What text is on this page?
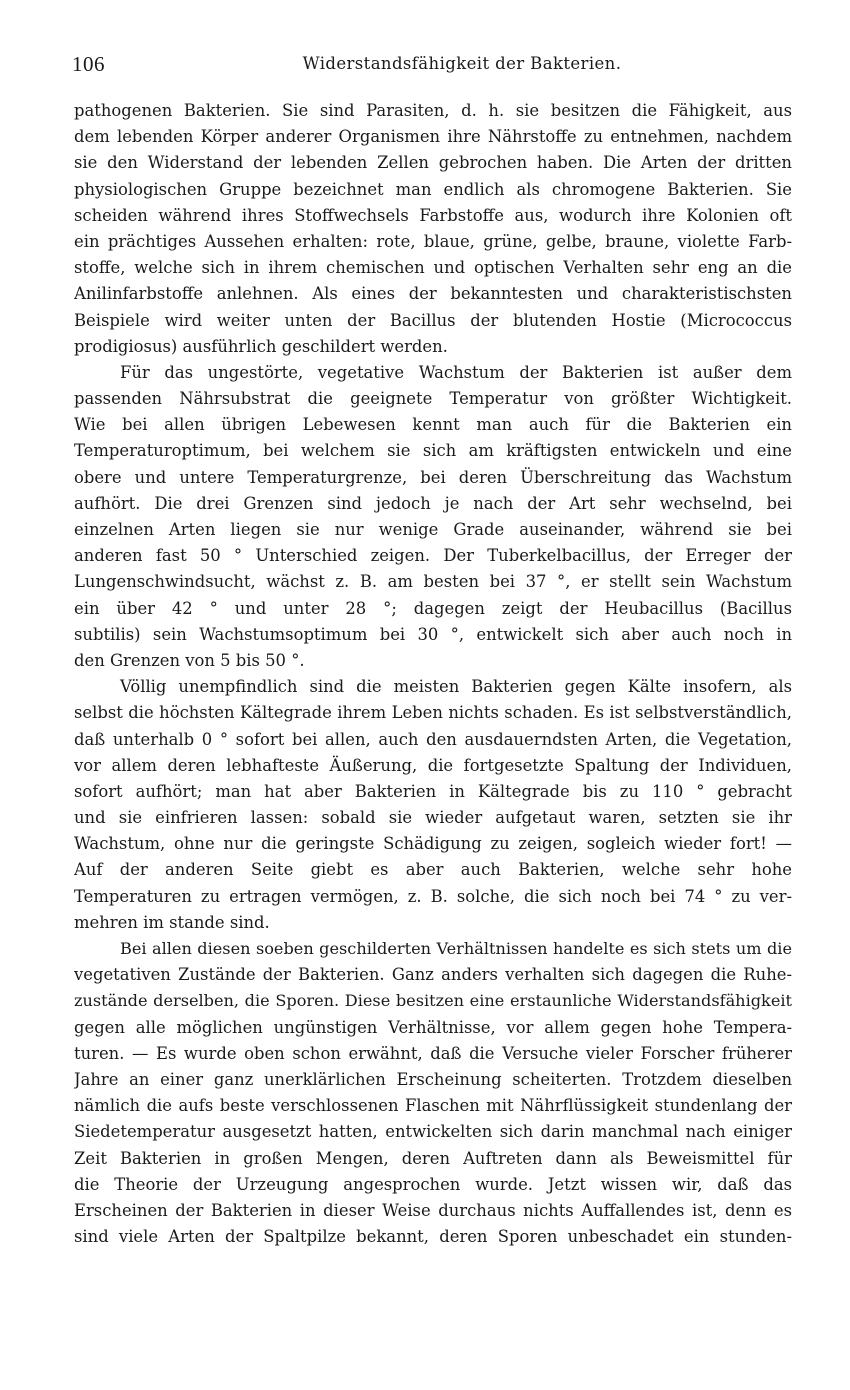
106	Widerstandsfähigkeit der Bakterien.
pathogenen Bakterien. Sie sind Parasiten, d. h. sie besitzen die Fähigkeit, aus
dem lebenden Körper anderer Organismen ihre Nährstoffe zu entnehmen, nachdem
sie den Widerstand der lebenden Zellen gebrochen haben. Die Arten der dritten
physiologischen Gruppe bezeichnet man endlich als chromogene Bakterien. Sie
scheiden während ihres Stoffwechsels Farbstoffe aus, wodurch ihre Kolonien oft
ein prächtiges Aussehen erhalten: rote, blaue, grüne, gelbe, braune, violette Farb-
stoffe, welche sich in ihrem chemischen und optischen Verhalten sehr eng an die
Anilinfarbstoffe anlehnen. Als eines der bekanntesten und charakteristischsten
Beispiele wird weiter unten der Bacillus der blutenden Hostie (Micrococcus
prodigiosus) ausführlich geschildert werden.
Für das ungestörte, vegetative Wachstum der Bakterien ist außer dem
passenden Nährsubstrat die geeignete Temperatur von größter Wichtigkeit.
Wie bei allen übrigen Lebewesen kennt man auch für die Bakterien ein
Temperaturoptimum, bei welchem sie sich am kräftigsten entwickeln und eine
obere und untere Temperaturgrenze, bei deren Überschreitung das Wachstum
aufhört. Die drei Grenzen sind jedoch je nach der Art sehr wechselnd, bei
einzelnen Arten liegen sie nur wenige Grade auseinander, während sie bei
anderen fast 50 ° Unterschied zeigen. Der Tuberkelbacillus, der Erreger der
Lungenschwindsucht, wächst z. B. am besten bei 37 °, er stellt sein Wachstum
ein über 42 ° und unter 28 °; dagegen zeigt der Heubacillus (Bacillus
subtilis) sein Wachstumsoptimum bei 30 °, entwickelt sich aber auch noch in
den Grenzen von 5 bis 50 °.
Völlig unempfindlich sind die meisten Bakterien gegen Kälte insofern, als
selbst die höchsten Kältegrade ihrem Leben nichts schaden. Es ist selbstverständlich,
daß unterhalb 0 ° sofort bei allen, auch den ausdauerndsten Arten, die Vegetation,
vor allem deren lebhafteste Äußerung, die fortgesetzte Spaltung der Individuen,
sofort aufhört; man hat aber Bakterien in Kältegrade bis zu 110 ° gebracht
und sie einfrieren lassen: sobald sie wieder aufgetaut waren, setzten sie ihr
Wachstum, ohne nur die geringste Schädigung zu zeigen, sogleich wieder fort! —
Auf der anderen Seite giebt es aber auch Bakterien, welche sehr hohe
Temperaturen zu ertragen vermögen, z. B. solche, die sich noch bei 74 ° zu ver-
mehren im stande sind.
Bei allen diesen soeben geschilderten Verhältnissen handelte es sich stets um die
vegetativen Zustände der Bakterien. Ganz anders verhalten sich dagegen die Ruhe-
zustände derselben, die Sporen. Diese besitzen eine erstaunliche Widerstandsfähigkeit
gegen alle möglichen ungünstigen Verhältnisse, vor allem gegen hohe Tempera-
turen. — Es wurde oben schon erwähnt, daß die Versuche vieler Forscher früherer
Jahre an einer ganz unerklärlichen Erscheinung scheiterten. Trotzdem dieselben
nämlich die aufs beste verschlossenen Flaschen mit Nährflüssigkeit stundenlang der
Siedetemperatur ausgesetzt hatten, entwickelten sich darin manchmal nach einiger
Zeit Bakterien in großen Mengen, deren Auftreten dann als Beweismittel für
die Theorie der Urzeugung angesprochen wurde. Jetzt wissen wir, daß das
Erscheinen der Bakterien in dieser Weise durchaus nichts Auffallendes ist, denn es
sind viele Arten der Spaltpilze bekannt, deren Sporen unbeschadet ein stunden-
